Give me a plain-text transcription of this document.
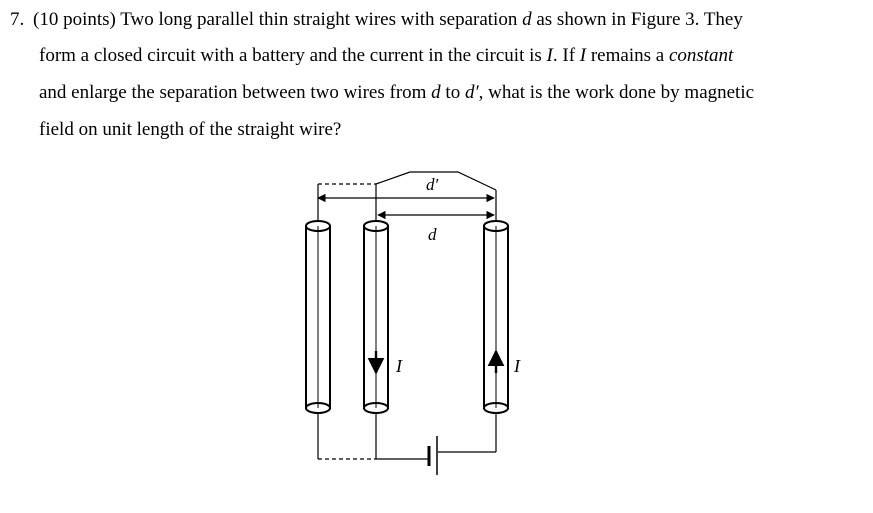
7. (10 points) Two long parallel thin straight wires with separation d as shown in Figure 3. They
form a closed circuit with a battery and the current in the circuit is I. If I remains a constant
and enlarge the separation between two wires from d to d′, what is the work done by magnetic
field on unit length of the straight wire?
d′
d
I	I
